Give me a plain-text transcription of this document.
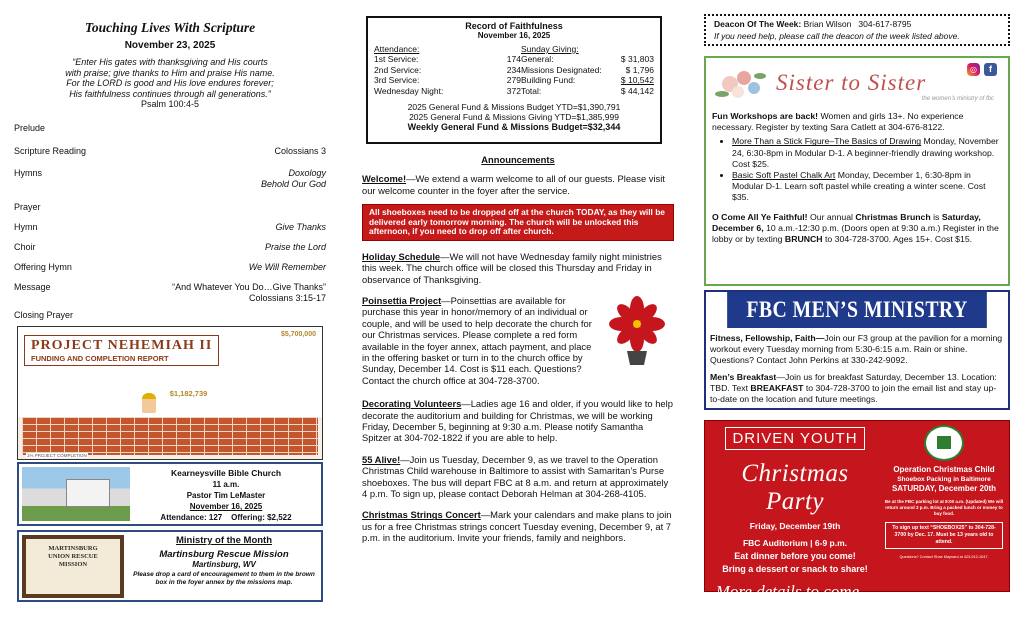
Touching Lives With Scripture
November 23, 2025
“Enter His gates with thanksgiving and His courts with praise; give thanks to Him and praise His name. For the LORD is good and His love endures forever; His faithfulness continues through all generations.”
Psalm 100:4-5
Prelude
Scripture Reading	Colossians 3
Hymns	Doxology
Behold Our God
Prayer
Hymn	Give Thanks
Choir	Praise the Lord
Offering Hymn	We Will Remember
Message	“And Whatever You Do…Give Thanks”
Colossians 3:15-17
Closing Prayer
PROJECT NEHEMIAH II
FUNDING AND COMPLETION REPORT
$5,700,000
$1,182,739
1% PROJECT COMPLETION
Kearneysville Bible Church
11 a.m.
Pastor Tim LeMaster
November 16, 2025
Attendance: 127 Offering: $2,522
MARTINSBURG
UNION RESCUE
MISSION
Ministry of the Month
Martinsburg Rescue Mission
Martinsburg, WV
Please drop a card of encouragement to them in the brown box in the foyer annex by the missions map.
Record of Faithfulness
November 16, 2025
Attendance:
1st Service:	174
2nd Service:	234
3rd Service:	279
Wednesday Night:	372
Sunday Giving:
General:	$ 31,803
Missions Designated:	$ 1,796
Building Fund:	$ 10,542
Total:	$ 44,142
2025 General Fund & Missions Budget YTD=$1,390,791
2025 General Fund & Missions Giving YTD=$1,385,999
Weekly General Fund & Missions Budget=$32,344
Announcements
Welcome!—We extend a warm welcome to all of our guests. Please visit our welcome counter in the foyer after the service.
All shoeboxes need to be dropped off at the church TODAY, as they will be delivered early tomorrow morning. The church will be unlocked this afternoon, if you need to drop off after church.
Holiday Schedule—We will not have Wednesday family night ministries this week. The church office will be closed this Thursday and Friday in observance of Thanksgiving.
Poinsettia Project—Poinsettias are available for purchase this year in honor/memory of an individual or couple, and will be used to help decorate the church for our Christmas services. Please complete a red form available in the foyer annex, attach payment, and place in the offering basket or turn in to the church office by Sunday, December 14. Cost is $11 each. Questions? Contact the church office at 304-728-3700.
Decorating Volunteers—Ladies age 16 and older, if you would like to help decorate the auditorium and building for Christmas, we will be working Friday, December 5, beginning at 9:30 a.m. Please notify Samantha Spitzer at 304-702-1822 if you are able to help.
55 Alive!—Join us Tuesday, December 9, as we travel to the Operation Christmas Child warehouse in Baltimore to assist with Samaritan’s Purse shoeboxes. The bus will depart FBC at 8 a.m. and return at approximately 4 p.m. To sign up, please contact Deborah Helman at 304-268-4105.
Christmas Strings Concert—Mark your calendars and make plans to join us for a free Christmas strings concert Tuesday evening, December 9, at 7 p.m. in the auditorium. Invite your friends, family and neighbors.
Deacon Of The Week: Brian Wilson 304-617-8795
If you need help, please call the deacon of the week listed above.
Sister to Sister
the women’s ministry of fbc
◎	f
Fun Workshops are back! Women and girls 13+. No experience necessary. Register by texting Sara Catlett at 304-676-8122.
• More Than a Stick Figure–The Basics of Drawing Monday, November 24, 6:30-8pm in Modular D-1. A beginner-friendly drawing workshop. Cost $25.
• Basic Soft Pastel Chalk Art Monday, December 1, 6:30-8pm in Modular D-1. Learn soft pastel while creating a winter scene. Cost $35.
O Come All Ye Faithful! Our annual Christmas Brunch is Saturday, December 6, 10 a.m.-12:30 p.m. (Doors open at 9:30 a.m.) Register in the lobby or by texting BRUNCH to 304-728-3700. Ages 15+. Cost $15.
FBC MEN’S MINISTRY
Fitness, Fellowship, Faith—Join our F3 group at the pavilion for a morning workout every Tuesday morning from 5:30-6:15 a.m. Rain or shine. Questions? Contact John Perkins at 330-242-9092.
Men’s Breakfast—Join us for breakfast Saturday, December 13. Location: TBD. Text BREAKFAST to 304-728-3700 to join the email list and stay up-to-date on the location and future meetings.
DRIVEN YOUTH
Christmas Party
Friday, December 19th
FBC Auditorium | 6-9 p.m.
Eat dinner before you come!
Bring a dessert or snack to share!
More details to come…
Operation Christmas Child
Shoebox Packing in Baltimore
SATURDAY, December 20th
Be at the FBC parking lot at 8:00 a.m. (Updated) We will return around 3 p.m. Bring a packed lunch or money to buy food.
To sign up text “SHOEBOX25” to 304-728-3700 by Dec. 17. Must be 13 years old to attend.
Questions? Contact Shae Maynard at 423-912-1047.
